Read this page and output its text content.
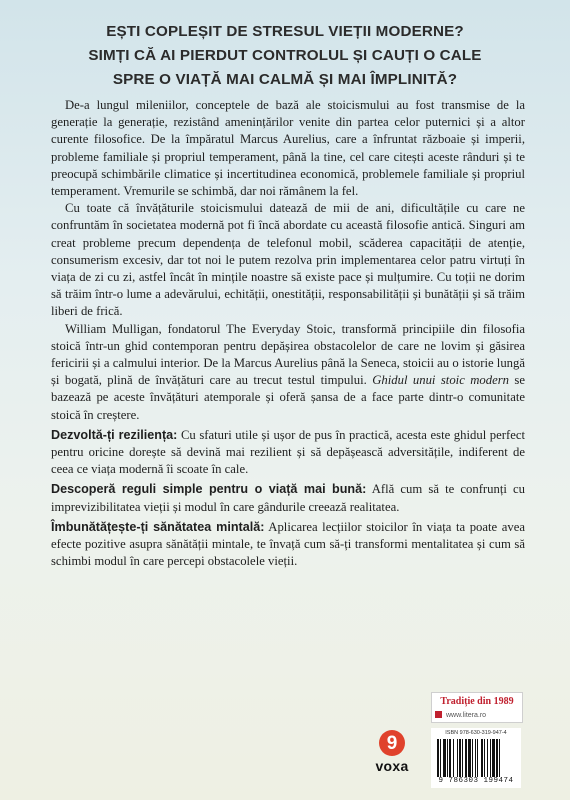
EȘTI COPLEȘIT DE STRESUL VIEȚII MODERNE?
SIMȚI CĂ AI PIERDUT CONTROLUL ȘI CAUȚI O CALE
SPRE O VIAȚĂ MAI CALMĂ ȘI MAI ÎMPLINITĂ?

De-a lungul mileniilor, conceptele de bază ale stoicismului au fost transmise de la generație la generație, rezistând amenințărilor venite din partea celor puternici și a altor curente filosofice. De la împăratul Marcus Aurelius, care a înfruntat războaie și imperii, probleme familiale și propriul temperament, până la tine, cel care citești aceste rânduri și te preocupă schimbările climatice și incertitudinea economică, problemele familiale și propriul temperament. Vremurile se schimbă, dar noi rămânem la fel.

Cu toate că învățăturile stoicismului datează de mii de ani, dificultățile cu care ne confruntăm în societatea modernă pot fi încă abordate cu această filosofie antică. Singuri am creat probleme precum dependența de telefonul mobil, scăderea capacității de atenție, consumerism excesiv, dar tot noi le putem rezolva prin implementarea celor patru virtuți în viața de zi cu zi, astfel încât în mințile noastre să existe pace și mulțumire. Cu toții ne dorim să trăim într-o lume a adevărului, echității, onestității, responsabilității și bunătății și să trăim liberi de frică.

William Mulligan, fondatorul The Everyday Stoic, transformă principiile din filosofia stoică într-un ghid contemporan pentru depășirea obstacolelor de care ne lovim și găsirea fericirii și a calmului interior. De la Marcus Aurelius până la Seneca, stoicii au o istorie lungă și bogată, plină de învățături care au trecut testul timpului. Ghidul unui stoic modern se bazează pe aceste învățături atemporale și oferă șansa de a face parte dintr-o comunitate stoică în creștere.

Dezvoltă-ți reziliența: Cu sfaturi utile și ușor de pus în practică, acesta este ghidul perfect pentru oricine dorește să devină mai rezilient și să depășească adversitățile, indiferent de ceea ce viața modernă îi scoate în cale.

Descoperă reguli simple pentru o viață mai bună: Află cum să te confrunți cu imprevizibilitatea vieții și modul în care gândurile creează realitatea.

Îmbunătățește-ți sănătatea mintală: Aplicarea lecțiilor stoicilor în viața ta poate avea efecte pozitive asupra sănătății mintale, te învață cum să-ți transformi mentalitatea și cum să schimbi modul în care percepi obstacolele vieții.

9
voxa
Tradiție din 1989
www.litera.ro
ISBN 978-630-319-947-4
9 786303 199474
